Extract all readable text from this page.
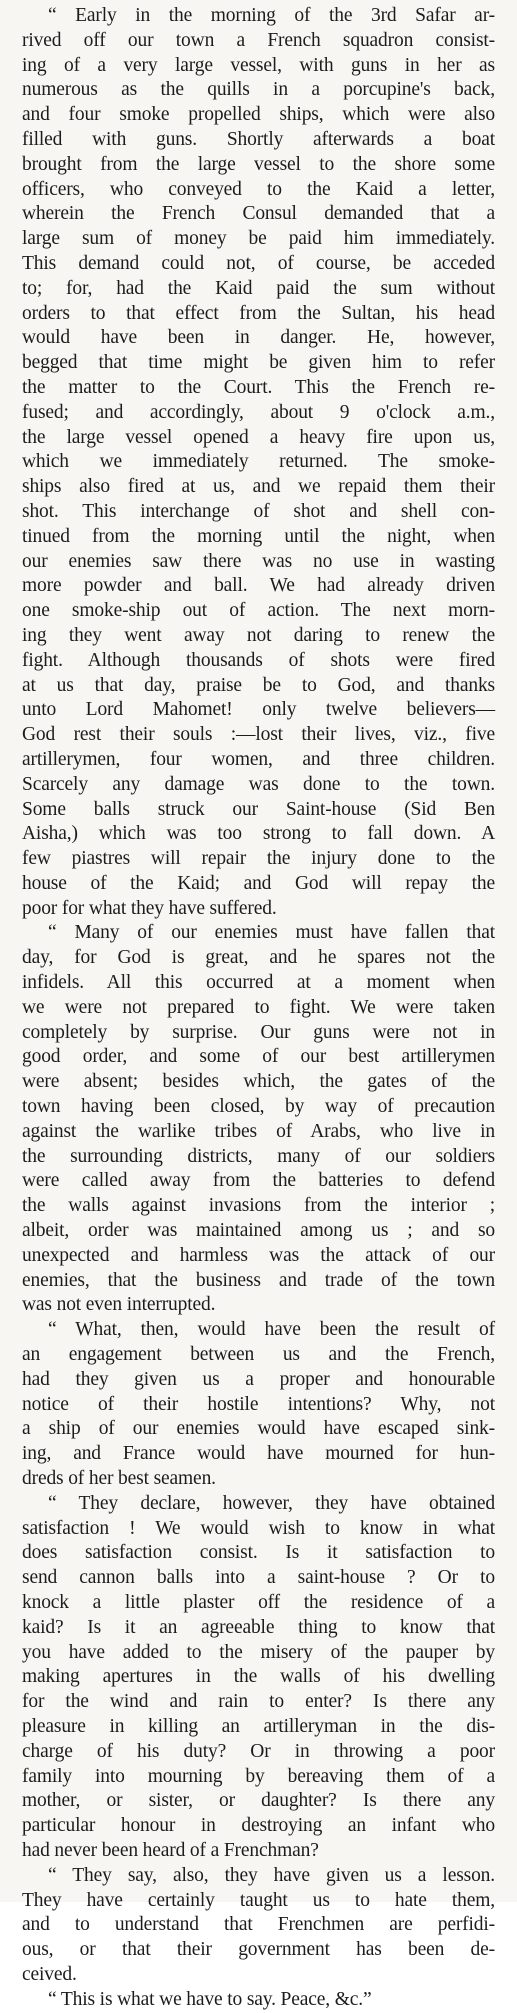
“ Early in the morning of the 3rd Safar ar-
rived off our town a French squadron consist-
ing of a very large vessel, with guns in her as
numerous as the quills in a porcupine's back,
and four smoke propelled ships, which were also
filled with guns. Shortly afterwards a boat
brought from the large vessel to the shore some
officers, who conveyed to the Kaid a letter,
wherein the French Consul demanded that a
large sum of money be paid him immediately.
This demand could not, of course, be acceded
to; for, had the Kaid paid the sum without
orders to that effect from the Sultan, his head
would have been in danger. He, however,
begged that time might be given him to refer
the matter to the Court. This the French re-
fused; and accordingly, about 9 o'clock a.m.,
the large vessel opened a heavy fire upon us,
which we immediately returned. The smoke-
ships also fired at us, and we repaid them their
shot. This interchange of shot and shell con-
tinued from the morning until the night, when
our enemies saw there was no use in wasting
more powder and ball. We had already driven
one smoke-ship out of action. The next morn-
ing they went away not daring to renew the
fight. Although thousands of shots were fired
at us that day, praise be to God, and thanks
unto Lord Mahomet! only twelve believers—
God rest their souls :—lost their lives, viz., five
artillerymen, four women, and three children.
Scarcely any damage was done to the town.
Some balls struck our Saint-house (Sid Ben
Aisha,) which was too strong to fall down. A
few piastres will repair the injury done to the
house of the Kaid; and God will repay the
poor for what they have suffered.
“ Many of our enemies must have fallen that
day, for God is great, and he spares not the
infidels. All this occurred at a moment when
we were not prepared to fight. We were taken
completely by surprise. Our guns were not in
good order, and some of our best artillerymen
were absent; besides which, the gates of the
town having been closed, by way of precaution
against the warlike tribes of Arabs, who live in
the surrounding districts, many of our soldiers
were called away from the batteries to defend
the walls against invasions from the interior ;
albeit, order was maintained among us ; and so
unexpected and harmless was the attack of our
enemies, that the business and trade of the town
was not even interrupted.
“ What, then, would have been the result of
an engagement between us and the French,
had they given us a proper and honourable
notice of their hostile intentions? Why, not
a ship of our enemies would have escaped sink-
ing, and France would have mourned for hun-
dreds of her best seamen.
“ They declare, however, they have obtained
satisfaction ! We would wish to know in what
does satisfaction consist. Is it satisfaction to
send cannon balls into a saint-house ? Or to
knock a little plaster off the residence of a
kaid? Is it an agreeable thing to know that
you have added to the misery of the pauper by
making apertures in the walls of his dwelling
for the wind and rain to enter? Is there any
pleasure in killing an artilleryman in the dis-
charge of his duty? Or in throwing a poor
family into mourning by bereaving them of a
mother, or sister, or daughter? Is there any
particular honour in destroying an infant who
had never been heard of a Frenchman?
“ They say, also, they have given us a lesson.
They have certainly taught us to hate them,
and to understand that Frenchmen are perfidi-
ous, or that their government has been de-
ceived.
“ This is what we have to say. Peace, &c.”
